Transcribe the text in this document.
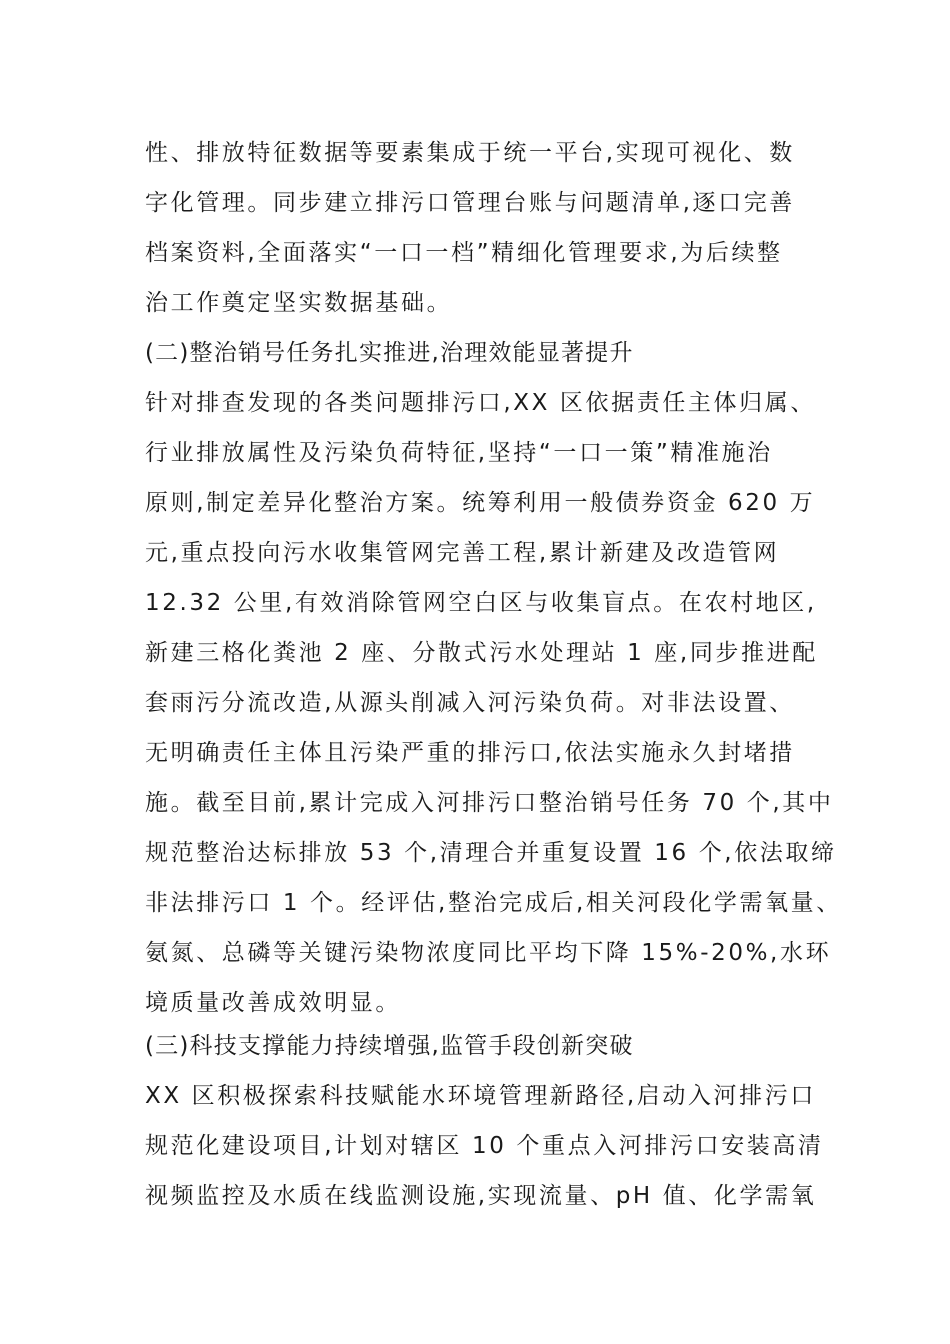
性、排放特征数据等要素集成于统一平台,实现可视化、数
字化管理。同步建立排污口管理台账与问题清单,逐口完善
档案资料,全面落实“一口一档”精细化管理要求,为后续整
治工作奠定坚实数据基础。
(二)整治销号任务扎实推进,治理效能显著提升
针对排查发现的各类问题排污口,XX 区依据责任主体归属、
行业排放属性及污染负荷特征,坚持“一口一策”精准施治
原则,制定差异化整治方案。统筹利用一般债券资金 620 万
元,重点投向污水收集管网完善工程,累计新建及改造管网
12.32 公里,有效消除管网空白区与收集盲点。在农村地区,
新建三格化粪池 2 座、分散式污水处理站 1 座,同步推进配
套雨污分流改造,从源头削减入河污染负荷。对非法设置、
无明确责任主体且污染严重的排污口,依法实施永久封堵措
施。截至目前,累计完成入河排污口整治销号任务 70 个,其中
规范整治达标排放 53 个,清理合并重复设置 16 个,依法取缔
非法排污口 1 个。经评估,整治完成后,相关河段化学需氧量、
氨氮、总磷等关键污染物浓度同比平均下降 15%-20%,水环
境质量改善成效明显。
(三)科技支撑能力持续增强,监管手段创新突破
XX 区积极探索科技赋能水环境管理新路径,启动入河排污口
规范化建设项目,计划对辖区 10 个重点入河排污口安装高清
视频监控及水质在线监测设施,实现流量、pH 值、化学需氧
